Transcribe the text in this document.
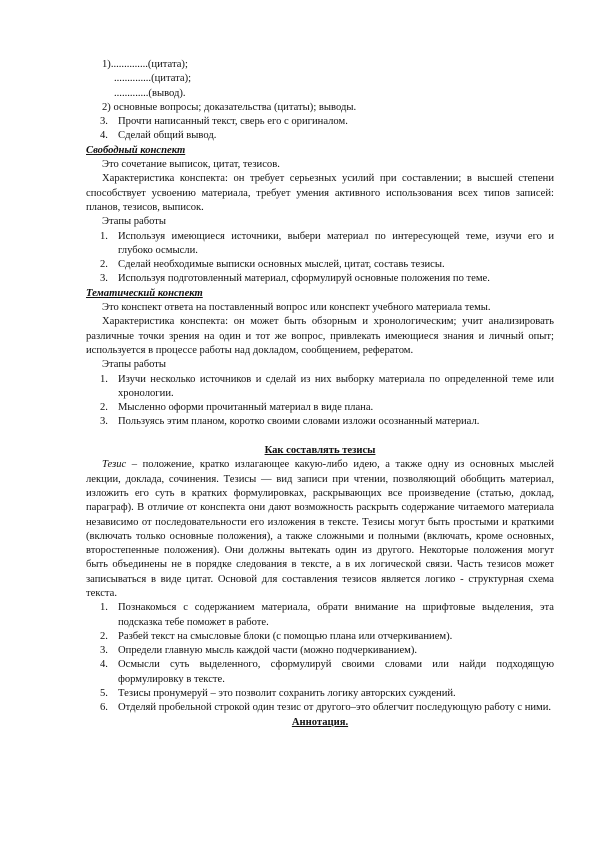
1)..............(цитата);
..............(цитата);
.............(вывод).
2) основные вопросы; доказательства (цитаты); выводы.
3. Прочти написанный текст, сверь его с оригиналом.
4. Сделай общий вывод.
Свободный конспект
Это сочетание выписок, цитат, тезисов.
Характеристика конспекта: он требует серьезных усилий при составлении; в высшей степени способствует усвоению материала, требует умения активного использования всех типов записей: планов, тезисов, выписок.
Этапы работы
1. Используя имеющиеся источники, выбери материал по интересующей теме, изучи его и глубоко осмысли.
2. Сделай необходимые выписки основных мыслей, цитат, составь тезисы.
3. Используя подготовленный материал, сформулируй основные положения по теме.
Тематический конспект
Это конспект ответа на поставленный вопрос или конспект учебного материала темы.
Характеристика конспекта: он может быть обзорным и хронологическим; учит анализировать различные точки зрения на один и тот же вопрос, привлекать имеющиеся знания и личный опыт; используется в процессе работы над докладом, сообщением, рефератом.
Этапы работы
1. Изучи несколько источников и сделай из них выборку материала по определенной теме или хронологии.
2. Мысленно оформи прочитанный материал в виде плана.
3. Пользуясь этим планом, коротко своими словами изложи осознанный материал.

Как составлять тезисы
Тезис – положение, кратко излагающее какую-либо идею, а также одну из основных мыслей лекции, доклада, сочинения. Тезисы — вид записи при чтении, позволяющий обобщить материал, изложить его суть в кратких формулировках, раскрывающих все произведение (статью, доклад, параграф). В отличие от конспекта они дают возможность раскрыть содержание читаемого материала независимо от последовательности его изложения в тексте. Тезисы могут быть простыми и краткими (включать только основные положения), а также сложными и полными (включать, кроме основных, второстепенные положения). Они должны вытекать один из другого. Некоторые положения могут быть объединены не в порядке следования в тексте, а в их логической связи. Часть тезисов может записываться в виде цитат. Основой для составления тезисов является логико - структурная схема текста.
1. Познакомься с содержанием материала, обрати внимание на шрифтовые выделения, эта подсказка тебе поможет в работе.
2. Разбей текст на смысловые блоки (с помощью плана или отчеркиванием).
3. Определи главную мысль каждой части (можно подчеркиванием).
4. Осмысли суть выделенного, сформулируй своими словами или найди подходящую формулировку в тексте.
5. Тезисы пронумеруй – это позволит сохранить логику авторских суждений.
6. Отделяй пробельной строкой один тезис от другого–это облегчит последующую работу с ними.
Аннотация.
